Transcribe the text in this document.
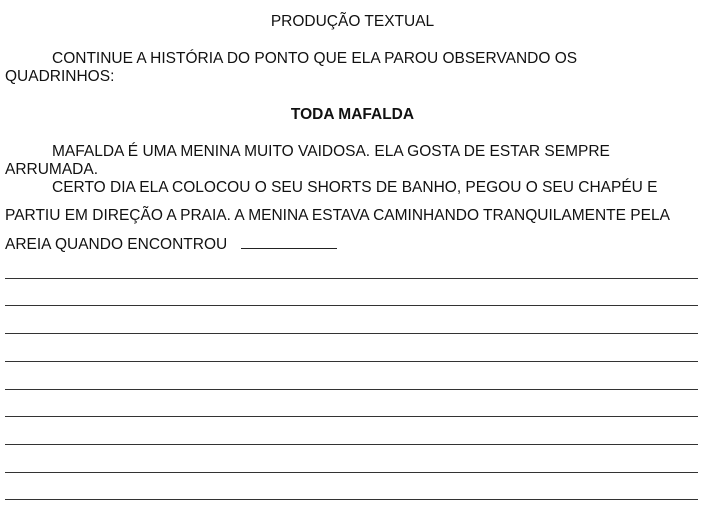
PRODUÇÃO TEXTUAL
CONTINUE A HISTÓRIA DO PONTO QUE ELA PAROU OBSERVANDO OS
QUADRINHOS:
TODA MAFALDA
MAFALDA É UMA MENINA MUITO VAIDOSA. ELA GOSTA DE ESTAR SEMPRE
ARRUMADA.
CERTO DIA ELA COLOCOU O SEU SHORTS DE BANHO, PEGOU O SEU CHAPÉU E
PARTIU EM DIREÇÃO A PRAIA. A MENINA ESTAVA CAMINHANDO TRANQUILAMENTE PELA
AREIA QUANDO ENCONTROU
